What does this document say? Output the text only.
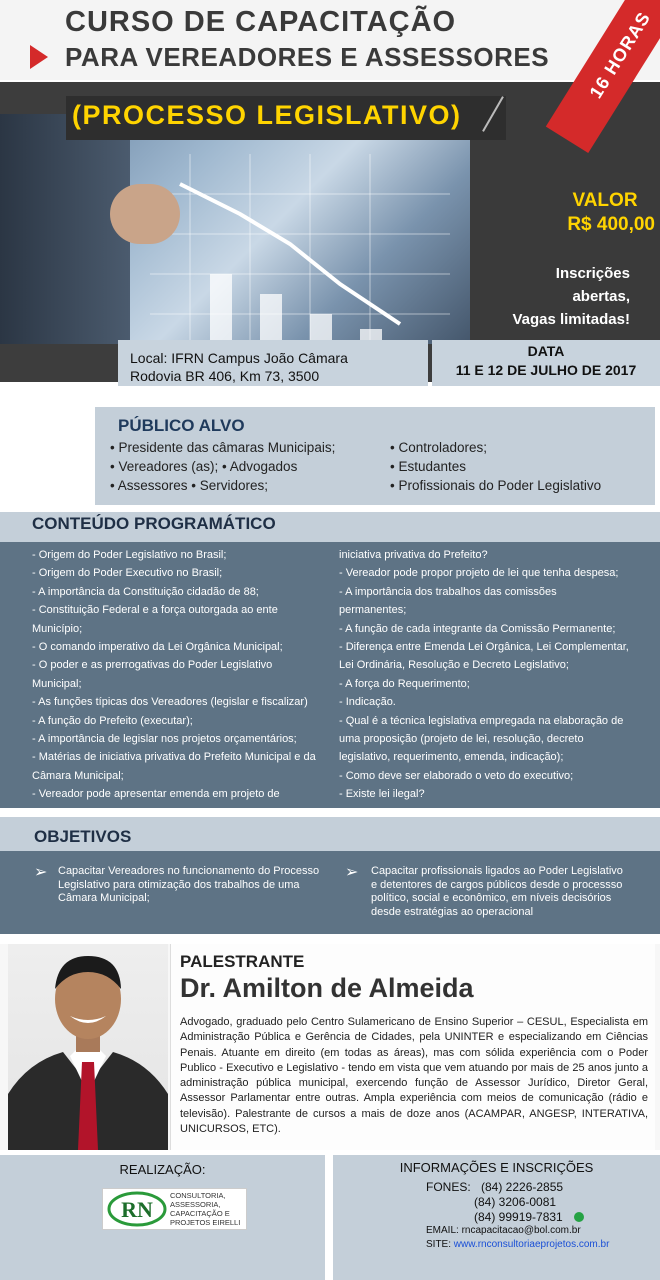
CURSO DE CAPACITAÇÃO
PARA VEREADORES E ASSESSORES
(PROCESSO LEGISLATIVO)
16 HORAS
VALOR
R$ 400,00
Inscrições
abertas,
Vagas limitadas!
Local: IFRN Campus João Câmara
Rodovia BR 406, Km 73, 3500
DATA
11 E 12 DE JULHO DE 2017
PÚBLICO ALVO
• Presidente das câmaras Municipais;
• Vereadores (as); • Advogados
• Assessores • Servidores;
• Controladores;
• Estudantes
• Profissionais do Poder Legislativo
CONTEÚDO PROGRAMÁTICO
- Origem do Poder Legislativo no Brasil;
- Origem do Poder Executivo no Brasil;
- A importância da Constituição cidadão de 88;
- Constituição Federal e a força outorgada ao ente
Município;
- O comando imperativo da Lei Orgânica Municipal;
- O poder e as prerrogativas do Poder Legislativo
Municipal;
- As funções típicas dos Vereadores (legislar e fiscalizar)
- A função do Prefeito (executar);
- A importância de legislar nos projetos orçamentários;
- Matérias de iniciativa privativa do Prefeito Municipal e da
Câmara Municipal;
- Vereador pode apresentar emenda em projeto de
iniciativa privativa do Prefeito?
- Vereador pode propor projeto de lei que tenha despesa;
- A importância dos trabalhos das comissões
permanentes;
- A função de cada integrante da Comissão Permanente;
- Diferença entre Emenda Lei Orgânica, Lei Complementar,
Lei Ordinária, Resolução e Decreto Legislativo;
- A força do Requerimento;
- Indicação.
- Qual é a técnica legislativa empregada na elaboração de
uma proposição (projeto de lei, resolução, decreto
legislativo, requerimento, emenda, indicação);
- Como deve ser elaborado o veto do executivo;
- Existe lei ilegal?
OBJETIVOS
➢ Capacitar Vereadores no funcionamento do Processo Legislativo para otimização dos trabalhos de uma Câmara Municipal;
➢ Capacitar profissionais ligados ao Poder Legislativo e detentores de cargos públicos desde o processso político, social e econômico, em níveis decisórios desde estratégias ao operacional
PALESTRANTE
Dr. Amilton de Almeida
Advogado, graduado pelo Centro Sulamericano de Ensino Superior – CESUL, Especialista em Administração Pública e Gerência de Cidades, pela UNINTER e especializando em Ciências Penais. Atuante em direito (em todas as áreas), mas com sólida experiência com o Poder Publico - Executivo e Legislativo - tendo em vista que vem atuando por mais de 25 anos junto a administração pública municipal, exercendo função de Assessor Jurídico, Diretor Geral, Assessor Parlamentar entre outras. Ampla experiência com meios de comunicação (rádio e televisão). Palestrante de cursos a mais de doze anos (ACAMPAR, ANGESP, INTERATIVA, UNICURSOS, ETC).
REALIZAÇÃO:
RN
CONSULTORIA, ASSESSORIA, CAPACITAÇÃO E PROJETOS EIRELLI
INFORMAÇÕES E INSCRIÇÕES
FONES: (84) 2226-2855
(84) 3206-0081
(84) 99919-7831
EMAIL: rncapacitacao@bol.com.br
SITE: www.rnconsultoriaeprojetos.com.br
